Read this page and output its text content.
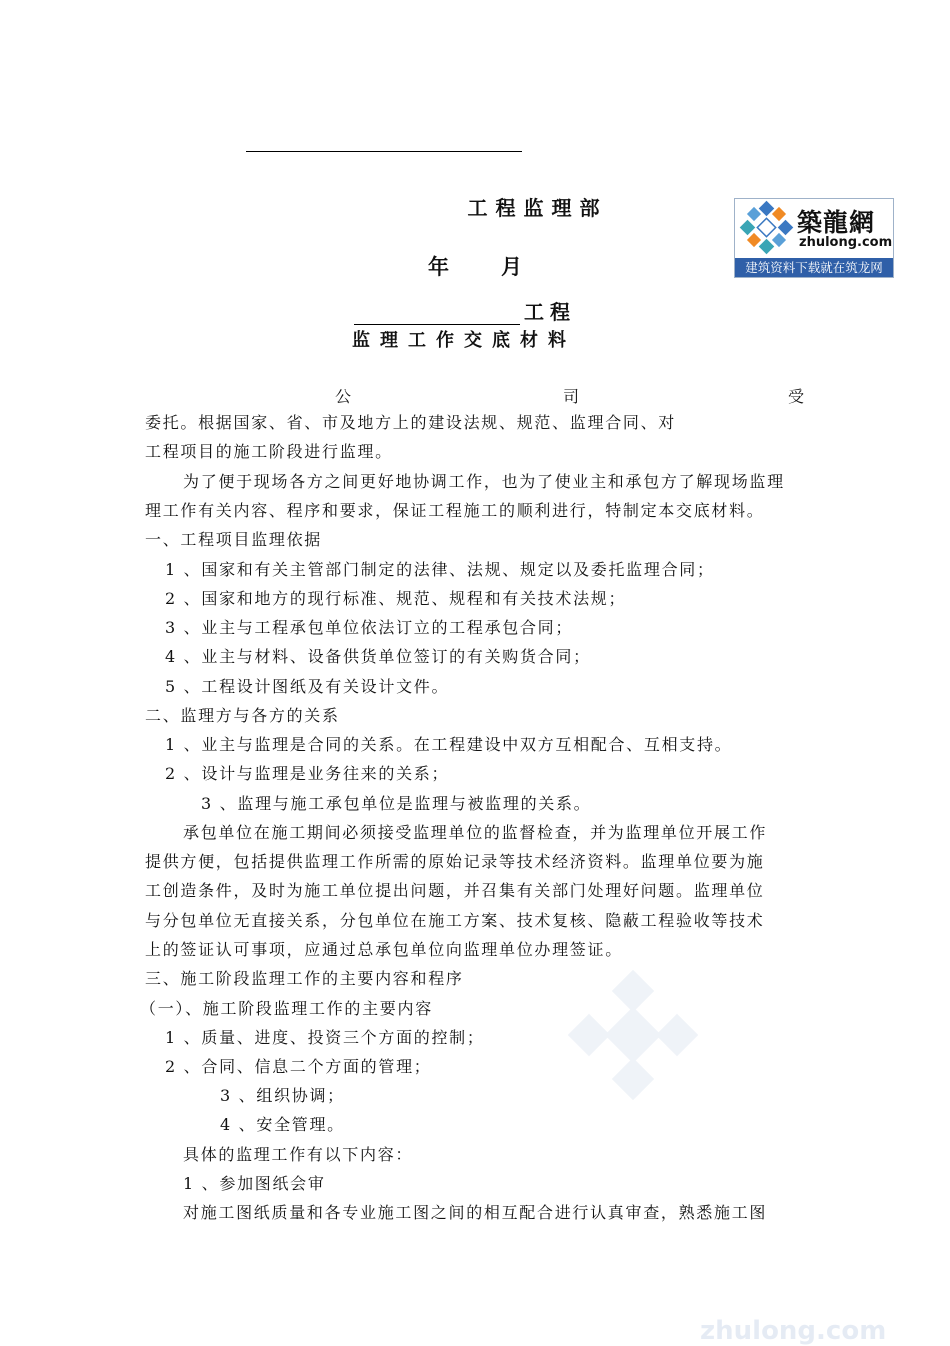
工程监理部
年 月
工程
监理工作交底材料
築龍網
zhulong.com
建筑资料下载就在筑龙网
zhulong.com
公	司	受
委托。根据国家、省、市及地方上的建设法规、规范、监理合同、对
工程项目的施工阶段进行监理。
为了便于现场各方之间更好地协调工作，也为了使业主和承包方了解现场监理
理工作有关内容、程序和要求，保证工程施工的顺利进行，特制定本交底材料。
一、工程项目监理依据
1 、国家和有关主管部门制定的法律、法规、规定以及委托监理合同；
2 、国家和地方的现行标准、规范、规程和有关技术法规；
3 、业主与工程承包单位依法订立的工程承包合同；
4 、业主与材料、设备供货单位签订的有关购货合同；
5 、工程设计图纸及有关设计文件。
二、监理方与各方的关系
1 、业主与监理是合同的关系。在工程建设中双方互相配合、互相支持。
2 、设计与监理是业务往来的关系；
3 、监理与施工承包单位是监理与被监理的关系。
承包单位在施工期间必须接受监理单位的监督检查，并为监理单位开展工作
提供方便，包括提供监理工作所需的原始记录等技术经济资料。监理单位要为施
工创造条件，及时为施工单位提出问题，并召集有关部门处理好问题。监理单位
与分包单位无直接关系，分包单位在施工方案、技术复核、隐蔽工程验收等技术
上的签证认可事项，应通过总承包单位向监理单位办理签证。
三、施工阶段监理工作的主要内容和程序
（一）、施工阶段监理工作的主要内容
1 、质量、进度、投资三个方面的控制；
2 、合同、信息二个方面的管理；
3 、组织协调；
4 、安全管理。
具体的监理工作有以下内容：
1 、参加图纸会审
对施工图纸质量和各专业施工图之间的相互配合进行认真审查，熟悉施工图
